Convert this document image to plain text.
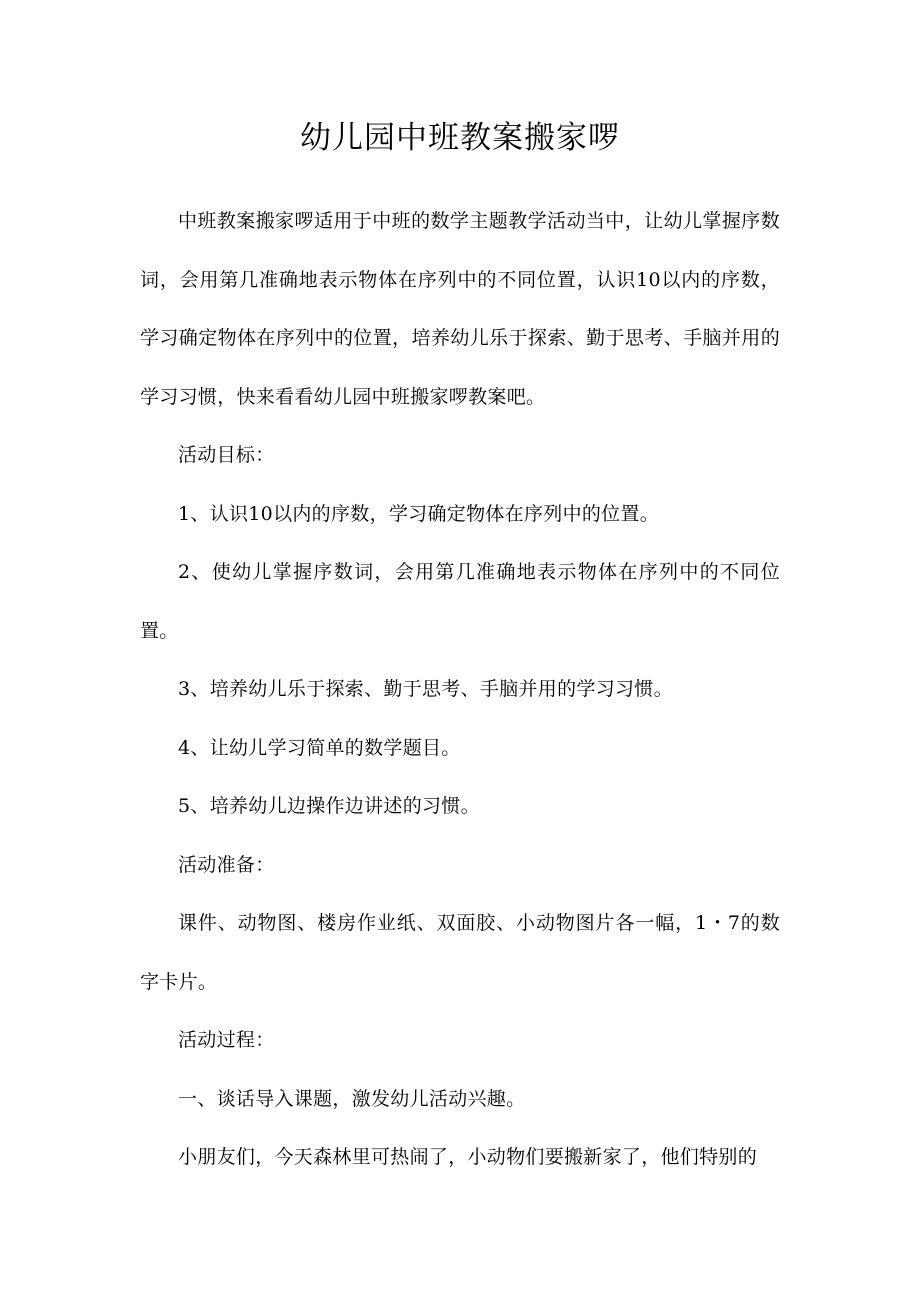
幼儿园中班教案搬家啰

中班教案搬家啰适用于中班的数学主题教学活动当中，让幼儿掌握序数词，会用第几准确地表示物体在序列中的不同位置，认识10以内的序数，学习确定物体在序列中的位置，培养幼儿乐于探索、勤于思考、手脑并用的学习习惯，快来看看幼儿园中班搬家啰教案吧。

活动目标：

1、认识10以内的序数，学习确定物体在序列中的位置。

2、使幼儿掌握序数词，会用第几准确地表示物体在序列中的不同位置。

3、培养幼儿乐于探索、勤于思考、手脑并用的学习习惯。

4、让幼儿学习简单的数学题目。

5、培养幼儿边操作边讲述的习惯。

活动准备：

课件、动物图、楼房作业纸、双面胶、小动物图片各一幅，1・7的数字卡片。

活动过程：

一、谈话导入课题，激发幼儿活动兴趣。

小朋友们，今天森林里可热闹了，小动物们要搬新家了，他们特别的
